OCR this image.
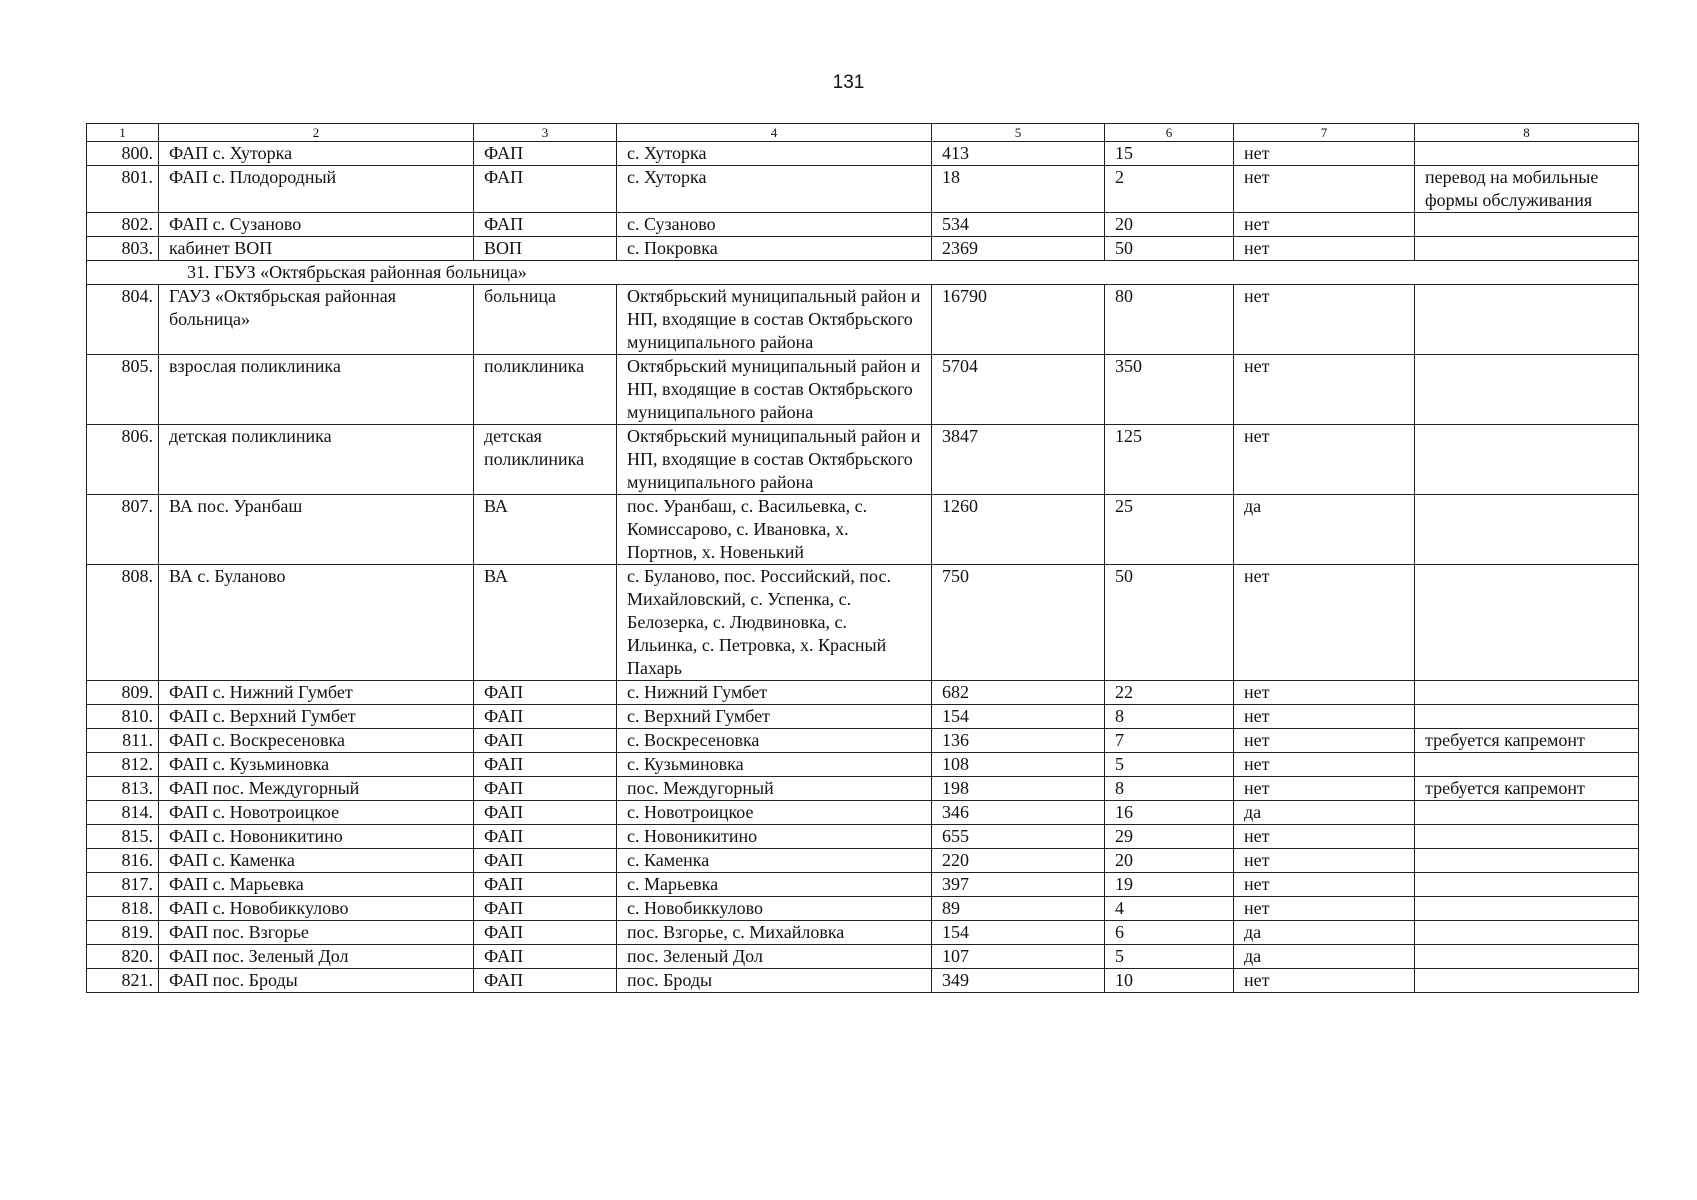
131
1	2	3	4	5	6	7	8
800.	ФАП с. Хуторка	ФАП	с. Хуторка	413	15	нет	
801.	ФАП с. Плодородный	ФАП	с. Хуторка	18	2	нет	перевод на мобильные формы обслуживания
802.	ФАП с. Сузаново	ФАП	с. Сузаново	534	20	нет	
803.	кабинет ВОП	ВОП	с. Покровка	2369	50	нет	
31. ГБУЗ «Октябрьская районная больница»							
804.	ГАУЗ «Октябрьская районная больница»	больница	Октябрьский муниципальный район и НП, входящие в состав Октябрьского муниципального района	16790	80	нет	
805.	взрослая поликлиника	поликлиника	Октябрьский муниципальный район и НП, входящие в состав Октябрьского муниципального района	5704	350	нет	
806.	детская поликлиника	детская поликлиника	Октябрьский муниципальный район и НП, входящие в состав Октябрьского муниципального района	3847	125	нет	
807.	ВА пос. Уранбаш	ВА	пос. Уранбаш, с. Васильевка, с. Комиссарово, с. Ивановка, х. Портнов, х. Новенький	1260	25	да	
808.	ВА с. Буланово	ВА	с. Буланово, пос. Российский, пос. Михайловский, с. Успенка, с. Белозерка, с. Людвиновка, с. Ильинка, с. Петровка, х. Красный Пахарь	750	50	нет	
809.	ФАП с. Нижний Гумбет	ФАП	с. Нижний Гумбет	682	22	нет	
810.	ФАП с. Верхний Гумбет	ФАП	с. Верхний Гумбет	154	8	нет	
811.	ФАП с. Воскресеновка	ФАП	с. Воскресеновка	136	7	нет	требуется капремонт
812.	ФАП с. Кузьминовка	ФАП	с. Кузьминовка	108	5	нет	
813.	ФАП пос. Междугорный	ФАП	пос. Междугорный	198	8	нет	требуется капремонт
814.	ФАП с. Новотроицкое	ФАП	с. Новотроицкое	346	16	да	
815.	ФАП с. Новоникитино	ФАП	с. Новоникитино	655	29	нет	
816.	ФАП с. Каменка	ФАП	с. Каменка	220	20	нет	
817.	ФАП с. Марьевка	ФАП	с. Марьевка	397	19	нет	
818.	ФАП с. Новобиккулово	ФАП	с. Новобиккулово	89	4	нет	
819.	ФАП пос. Взгорье	ФАП	пос. Взгорье, с. Михайловка	154	6	да	
820.	ФАП пос. Зеленый Дол	ФАП	пос. Зеленый Дол	107	5	да	
821.	ФАП пос. Броды	ФАП	пос. Броды	349	10	нет	
